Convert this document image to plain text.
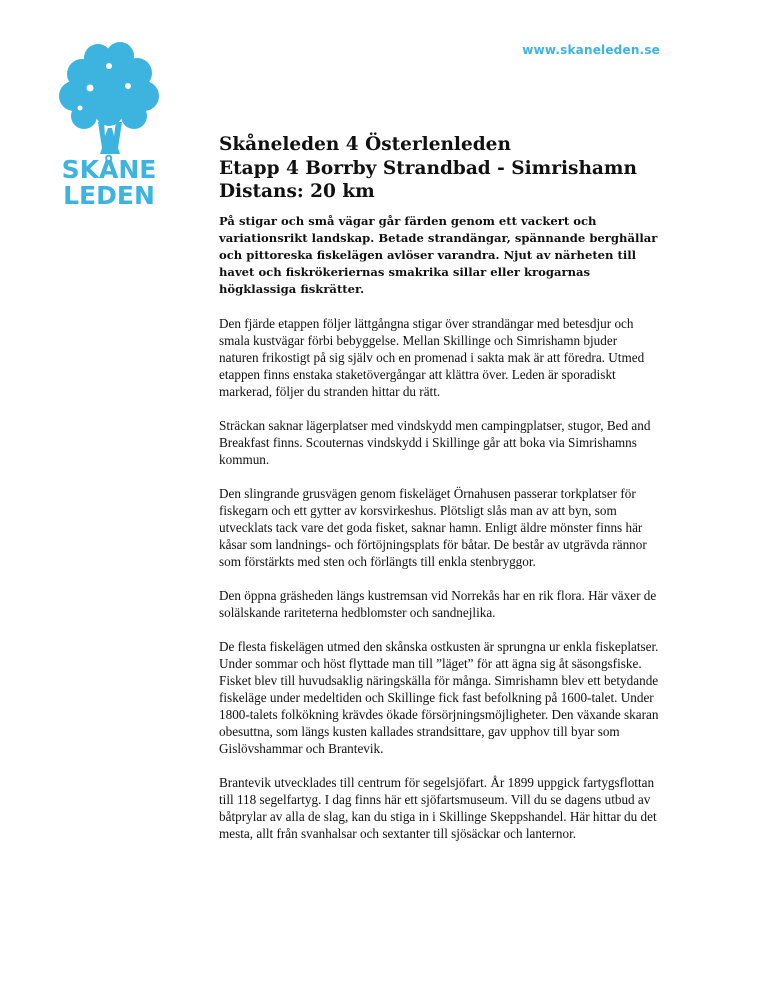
SKÅNE
LEDEN
www.skaneleden.se
Skåneleden 4 Österlenleden
Etapp 4 Borrby Strandbad - Simrishamn
Distans: 20 km

På stigar och små vägar går färden genom ett vackert och variationsrikt landskap. Betade strandängar, spännande berghällar och pittoreska fiskelägen avlöser varandra. Njut av närheten till havet och fiskrökeriernas smakrika sillar eller krogarnas högklassiga fiskrätter.

Den fjärde etappen följer lättgångna stigar över strandängar med betesdjur och smala kustvägar förbi bebyggelse. Mellan Skillinge och Simrishamn bjuder naturen frikostigt på sig själv och en promenad i sakta mak är att föredra. Utmed etappen finns enstaka staketövergångar att klättra över. Leden är sporadiskt markerad, följer du stranden hittar du rätt.

Sträckan saknar lägerplatser med vindskydd men campingplatser, stugor, Bed and Breakfast finns. Scouternas vindskydd i Skillinge går att boka via Simrishamns kommun.

Den slingrande grusvägen genom fiskeläget Örnahusen passerar torkplatser för fiskegarn och ett gytter av korsvirkeshus. Plötsligt slås man av att byn, som utvecklats tack vare det goda fisket, saknar hamn. Enligt äldre mönster finns här kåsar som landnings- och förtöjningsplats för båtar. De består av utgrävda rännor som förstärkts med sten och förlängts till enkla stenbryggor.

Den öppna gräsheden längs kustremsan vid Norrekås har en rik flora. Här växer de solälskande rariteterna hedblomster och sandnejlika.

De flesta fiskelägen utmed den skånska ostkusten är sprungna ur enkla fiskeplatser. Under sommar och höst flyttade man till ”läget” för att ägna sig åt säsongsfiske. Fisket blev till huvudsaklig näringskälla för många. Simrishamn blev ett betydande fiskeläge under medeltiden och Skillinge fick fast befolkning på 1600-talet. Under 1800-talets folkökning krävdes ökade försörjningsmöjligheter. Den växande skaran obesuttna, som längs kusten kallades strandsittare, gav upphov till byar som Gislövshammar och Brantevik.

Brantevik utvecklades till centrum för segelsjöfart. År 1899 uppgick fartygsflottan till 118 segelfartyg. I dag finns här ett sjöfartsmuseum. Vill du se dagens utbud av båtprylar av alla de slag, kan du stiga in i Skillinge Skeppshandel. Här hittar du det mesta, allt från svanhalsar och sextanter till sjösäckar och lanternor.
